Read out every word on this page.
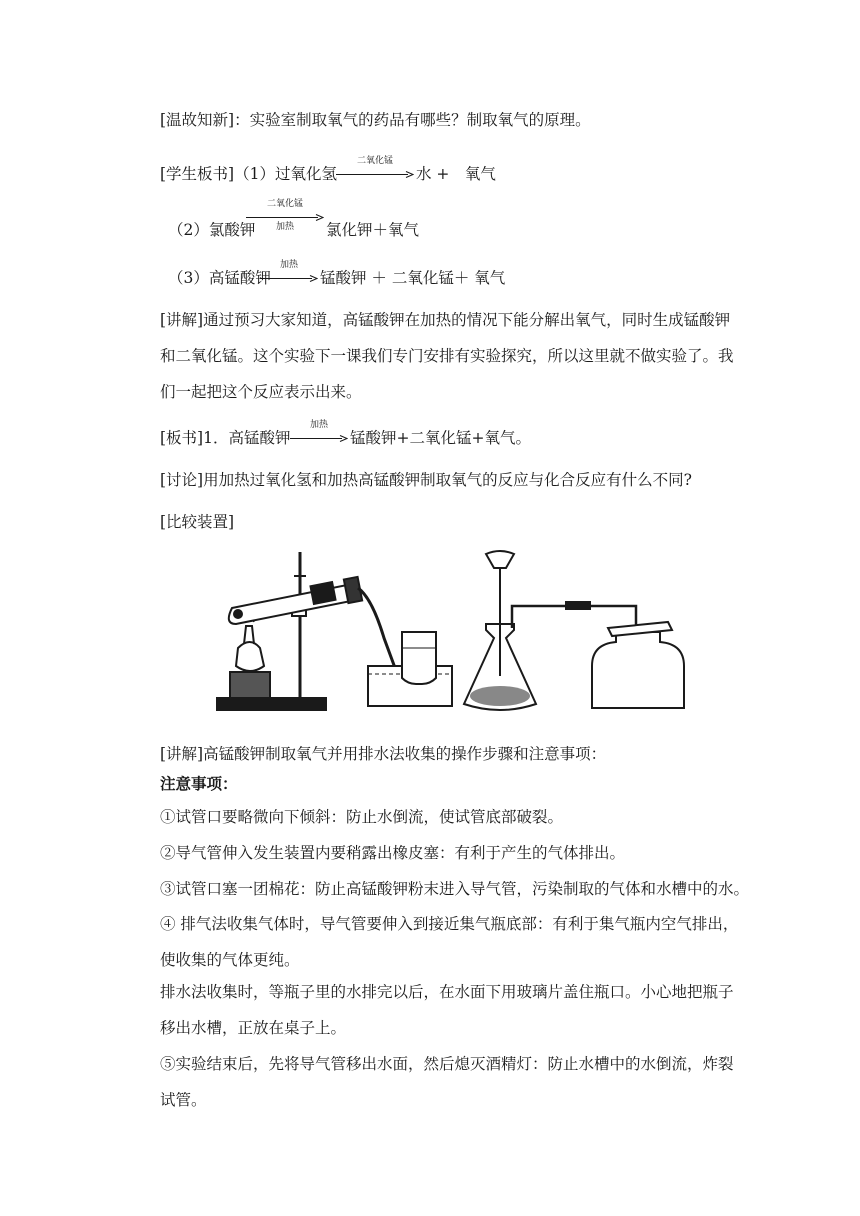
[温故知新]：实验室制取氧气的药品有哪些？制取氧气的原理。
[学生板书]（1）过氧化氢
二氧化锰
水 +　氧气
（2）氯酸钾
二氧化锰
加热	氯化钾＋氧气
（3）高锰酸钾
加热
锰酸钾 ＋ 二氧化锰＋ 氧气
[讲解]通过预习大家知道，高锰酸钾在加热的情况下能分解出氧气，同时生成锰酸钾和二氧化锰。这个实验下一课我们专门安排有实验探究，所以这里就不做实验了。我们一起把这个反应表示出来。
[板书]1．高锰酸钾
加热
锰酸钾+二氧化锰+氧气。
[讨论]用加热过氧化氢和加热高锰酸钾制取氧气的反应与化合反应有什么不同?
[比较装置]
[讲解]高锰酸钾制取氧气并用排水法收集的操作步骤和注意事项：
注意事项：
①试管口要略微向下倾斜：防止水倒流，使试管底部破裂。
②导气管伸入发生装置内要稍露出橡皮塞：有利于产生的气体排出。
③试管口塞一团棉花：防止高锰酸钾粉末进入导气管，污染制取的气体和水槽中的水。
④ 排气法收集气体时，导气管要伸入到接近集气瓶底部：有利于集气瓶内空气排出，使收集的气体更纯。
排水法收集时，等瓶子里的水排完以后，在水面下用玻璃片盖住瓶口。小心地把瓶子移出水槽，正放在桌子上。
⑤实验结束后，先将导气管移出水面，然后熄灭酒精灯：防止水槽中的水倒流，炸裂试管。
